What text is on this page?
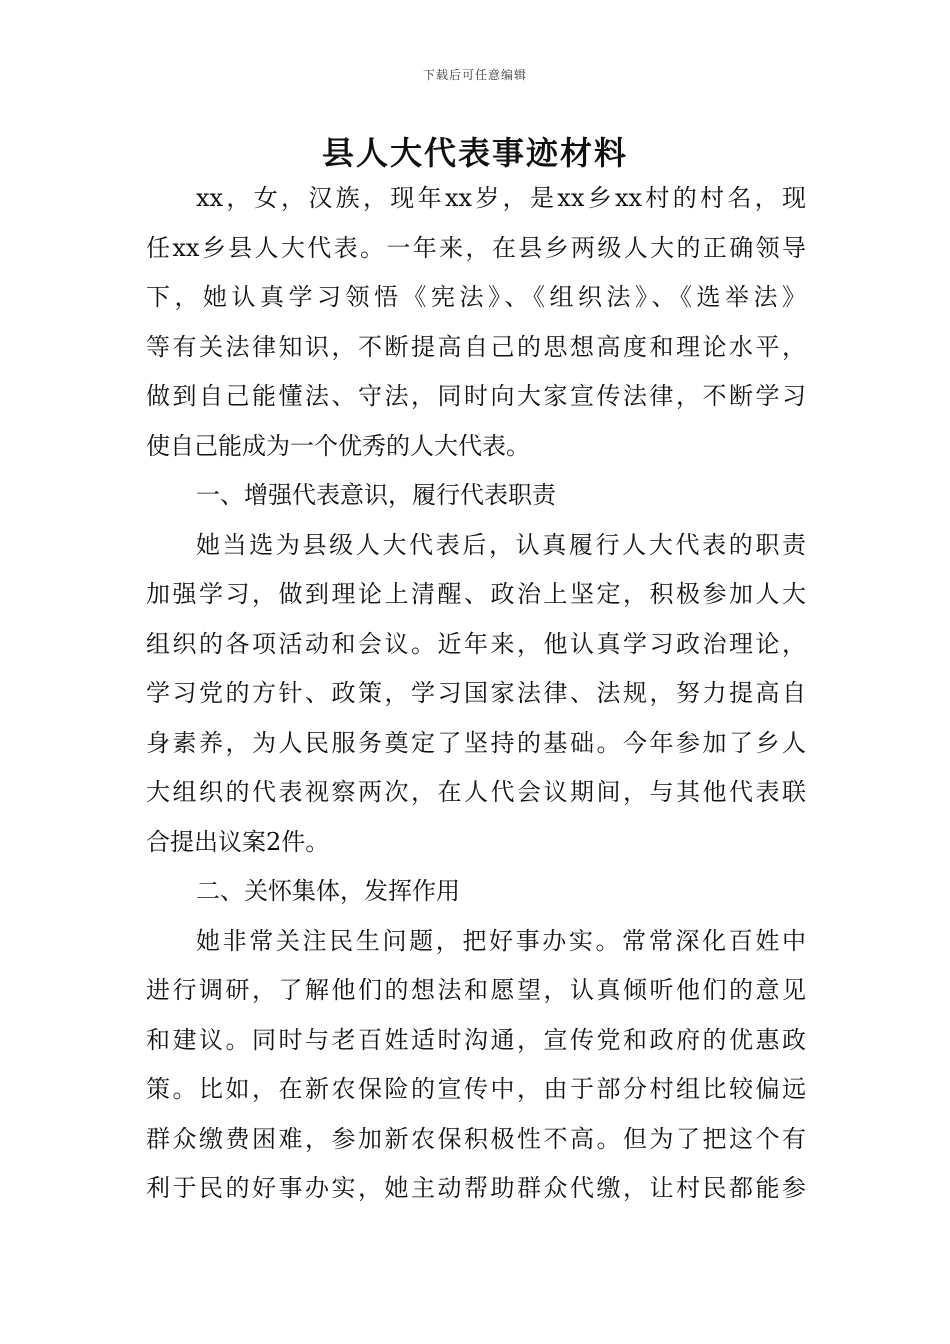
下载后可任意编辑
县人大代表事迹材料
xx，女，汉族，现年xx岁，是xx乡xx村的村名，现
任xx乡县人大代表。一年来，在县乡两级人大的正确领导
下，她认真学习领悟《宪法》、《组织法》、《选举法》
等有关法律知识，不断提高自己的思想高度和理论水平，
做到自己能懂法、守法，同时向大家宣传法律，不断学习
使自己能成为一个优秀的人大代表。
一、增强代表意识，履行代表职责
她当选为县级人大代表后，认真履行人大代表的职责
加强学习，做到理论上清醒、政治上坚定，积极参加人大
组织的各项活动和会议。近年来，他认真学习政治理论，
学习党的方针、政策，学习国家法律、法规，努力提高自
身素养，为人民服务奠定了坚持的基础。今年参加了乡人
大组织的代表视察两次，在人代会议期间，与其他代表联
合提出议案2件。
二、关怀集体，发挥作用
她非常关注民生问题，把好事办实。常常深化百姓中
进行调研，了解他们的想法和愿望，认真倾听他们的意见
和建议。同时与老百姓适时沟通，宣传党和政府的优惠政
策。比如，在新农保险的宣传中，由于部分村组比较偏远
群众缴费困难，参加新农保积极性不高。但为了把这个有
利于民的好事办实，她主动帮助群众代缴，让村民都能参
